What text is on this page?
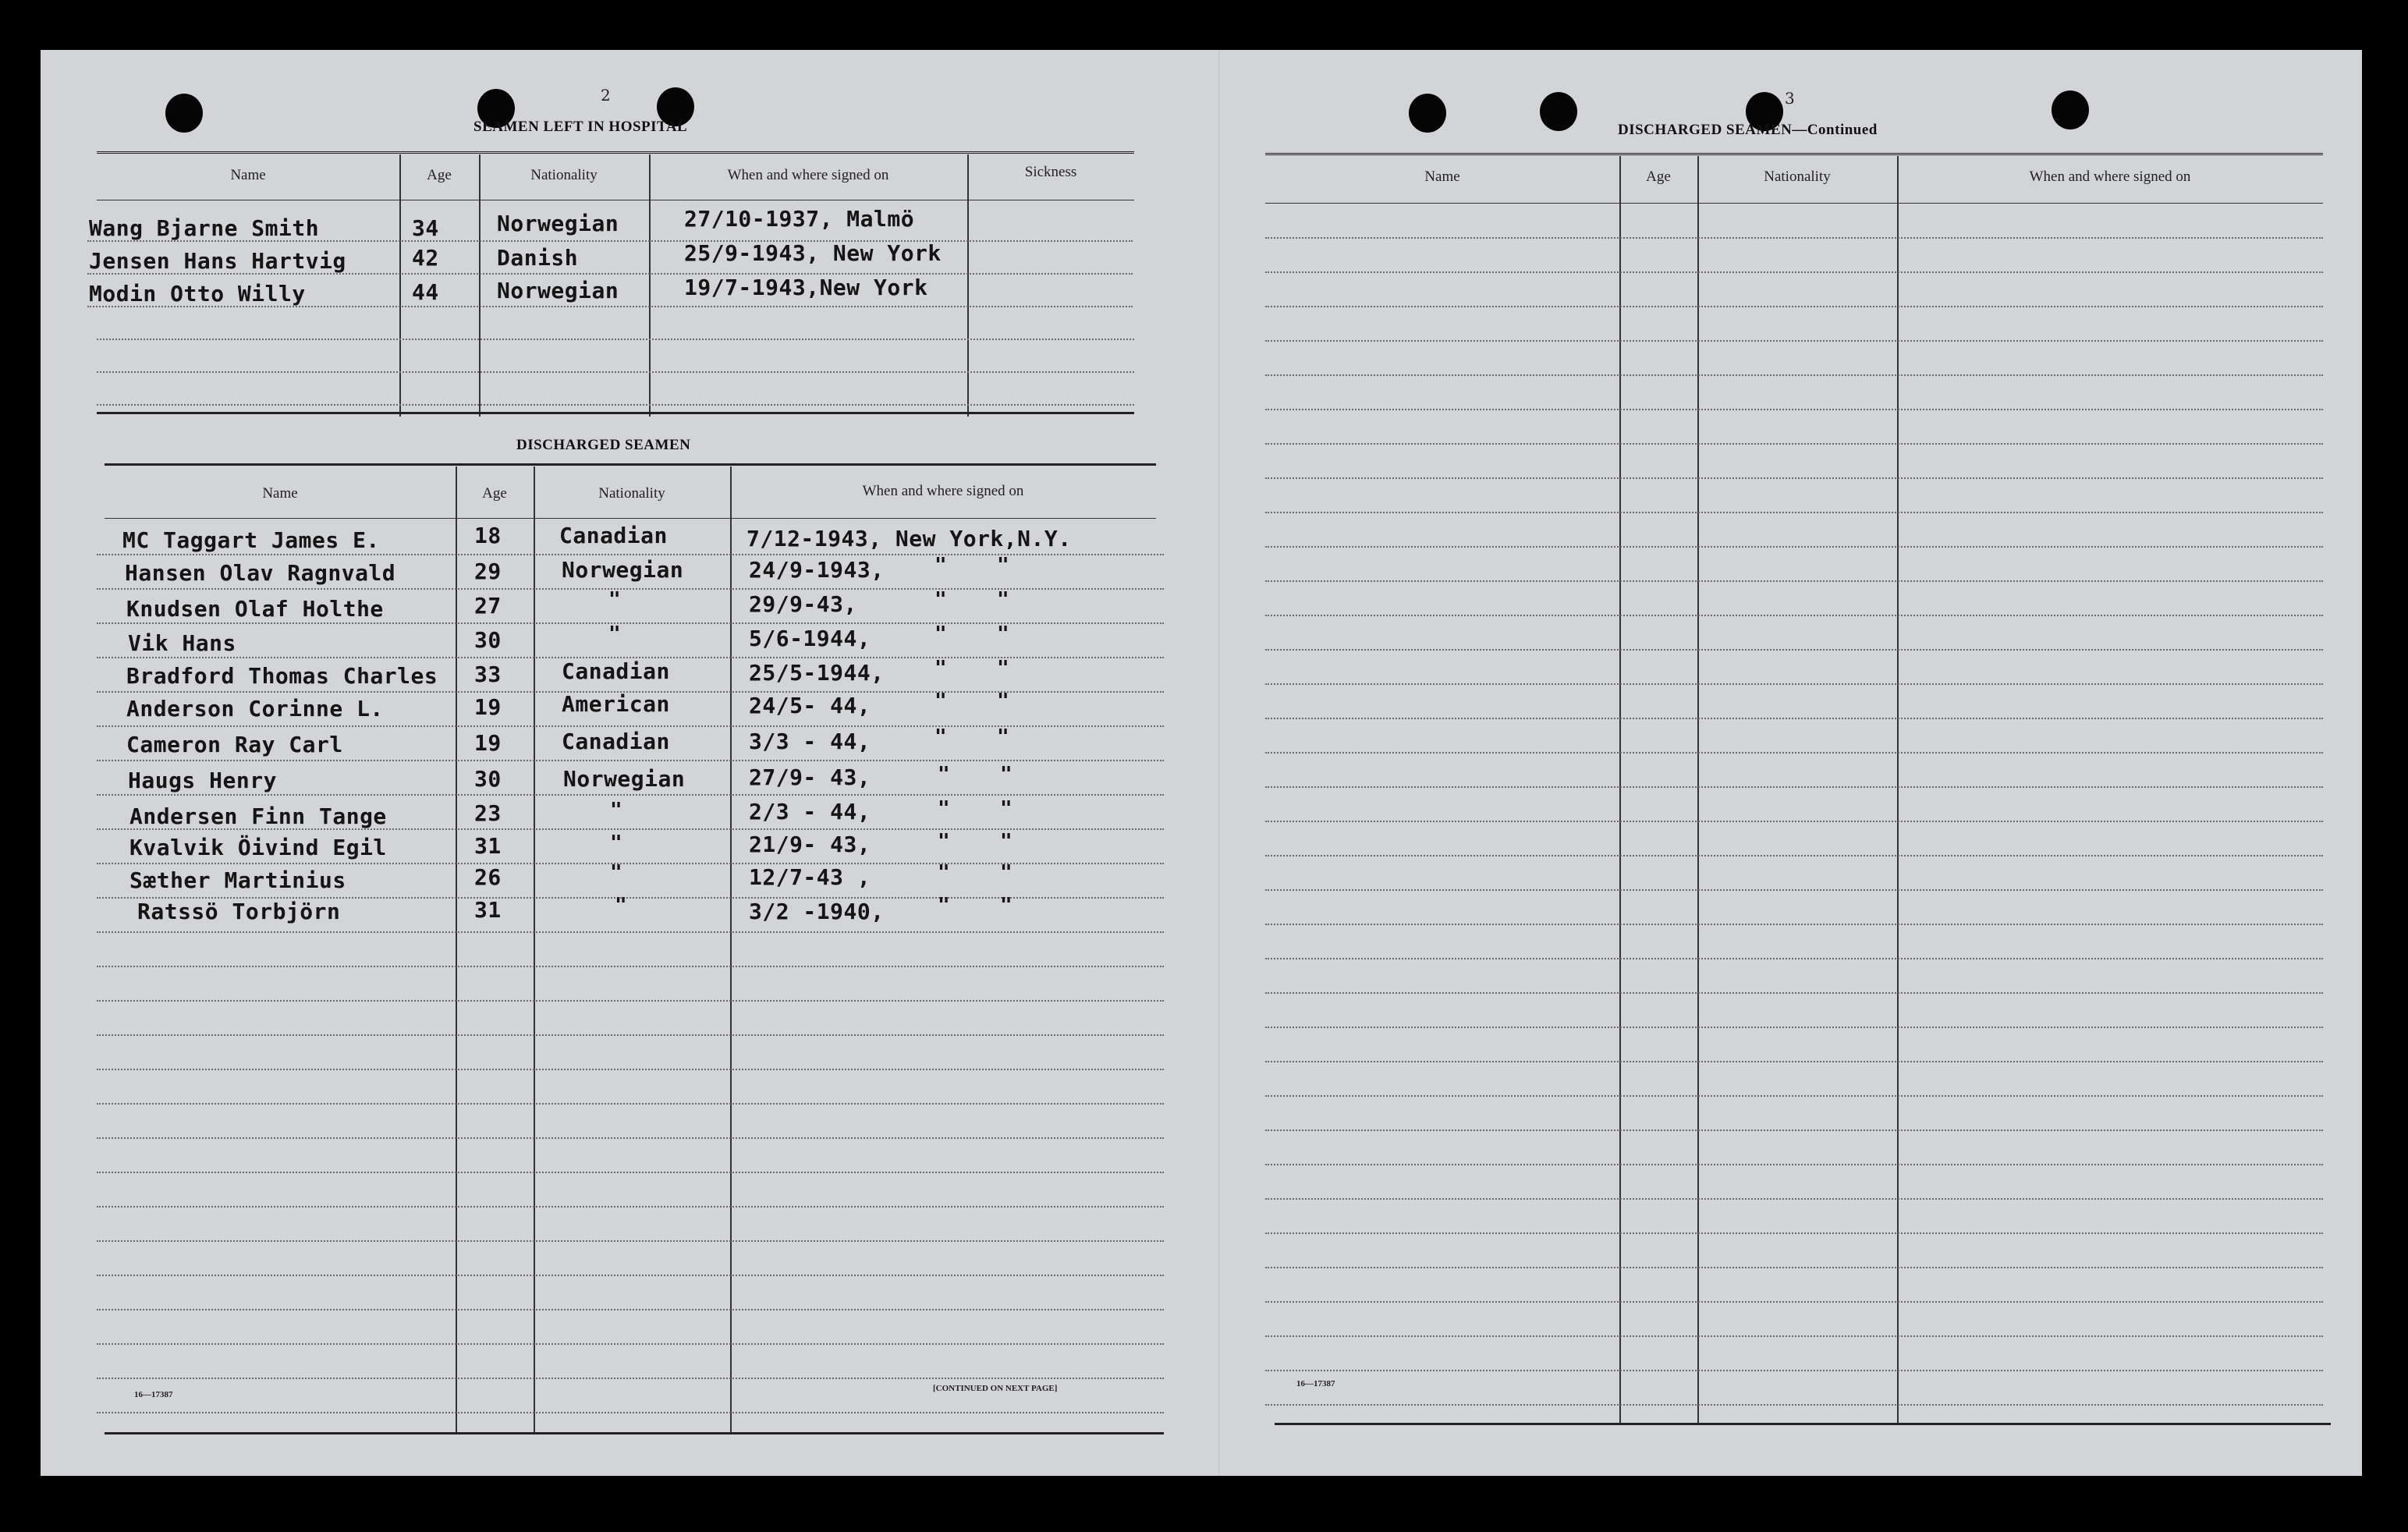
2
SEAMEN LEFT IN HOSPITAL
Name	Age	Nationality	When and where signed on	Sickness
Wang Bjarne Smith	34	Norwegian	27/10-1937, Malmö
Jensen Hans Hartvig	42	Danish	25/9-1943, New York
Modin Otto Willy	44	Norwegian	19/7-1943,New York
DISCHARGED SEAMEN
Name	Age	Nationality	When and where signed on
MC Taggart James E.	18	Canadian	7/12-1943, New York,N.Y.
Hansen Olav Ragnvald	29	Norwegian	24/9-1943, " "
Knudsen Olaf Holthe	27	"	29/9-43,	" "
Vik Hans	30	"	5/6-1944,	" "
Bradford Thomas Charles 33	Canadian	25/5-1944, " "
Anderson Corinne L.	19	American	24/5- 44,	" "
Cameron Ray Carl	19	Canadian	3/3 - 44,	" "
Haugs Henry	30	Norwegian	27/9- 43,	" "
Andersen Finn Tange	23	"	2/3 - 44,	" "
Kvalvik Öivind Egil	31	"	21/9- 43,	" "
Sæther Martinius	26	"	12/7-43 ,	" "
Ratssö Torbjörn	31	"	3/2 -1940,	" "
16—17387
[CONTINUED ON NEXT PAGE]
3
DISCHARGED SEAMEN—Continued
Name	Age	Nationality	When and where signed on
16—17387
